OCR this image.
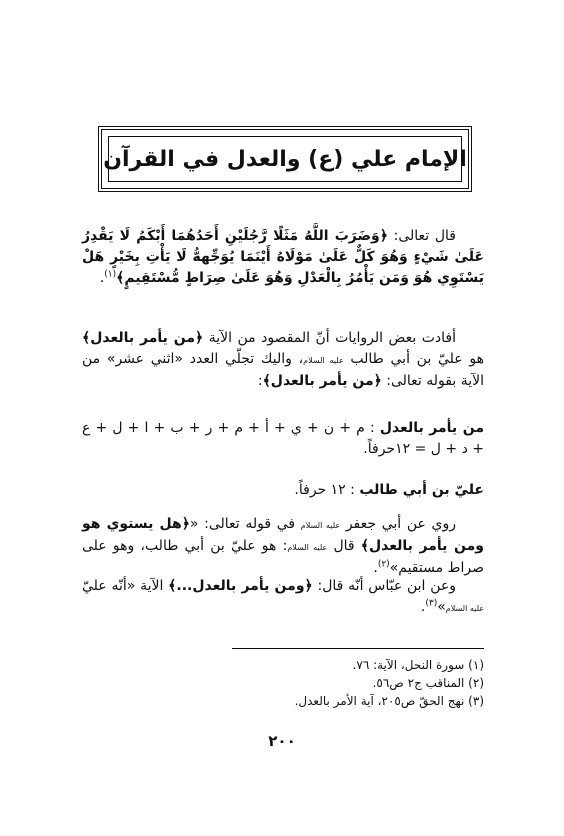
الإمام علي (ع) والعدل في القرآن

قال تعالى: ﴿وَضَرَبَ اللَّهُ مَثَلًا رَّجُلَيْنِ أَحَدُهُمَا أَبْكَمُ لَا يَقْدِرُ عَلَىٰ شَيْءٍ وَهُوَ كَلٌّ عَلَىٰ مَوْلَاهُ أَيْنَمَا يُوَجِّههُّ لَا يَأْتِ بِخَيْرٍ هَلْ يَسْتَوِي هُوَ وَمَن يَأْمُرُ بِالْعَدْلِ وَهُوَ عَلَىٰ صِرَاطٍ مُّسْتَقِيمٍ﴾$^{(١)}$.

أفادت بعض الروايات أنّ المقصود من الآية ﴿من يأمر بالعدل﴾ هو عليّ بن أبي طالب عليه السلام، واليك تجلّي العدد «اثني عشر» من الآية بقوله تعالى: ﴿من يأمر بالعدل﴾:

من يأمر بالعدل : م + ن + ي + أ + م + ر + ب + ا + ل + ع + د + ل = ١٢حرفاً.

عليّ بن أبي طالب : ١٢ حرفاً.

روي عن أبي جعفر عليه السلام في قوله تعالى: «﴿هل يستوي هو ومن يأمر بالعدل﴾ قال عليه السلام: هو عليّ بن أبي طالب، وهو على صراط مستقيم»$^{(٢)}$.

وعن ابن عبّاس أنّه قال: ﴿ومن يأمر بالعدل...﴾ الآية «أنّه عليّ عليه السلام»$^{(٣)}$.

(١) سورة النحل، الآية: ٧٦.
(٢) المناقب ج٢ ص٥٦.
(٣) نهج الحقّ ص٢٠٥، آية الأمر بالعدل.
٢٠٠
